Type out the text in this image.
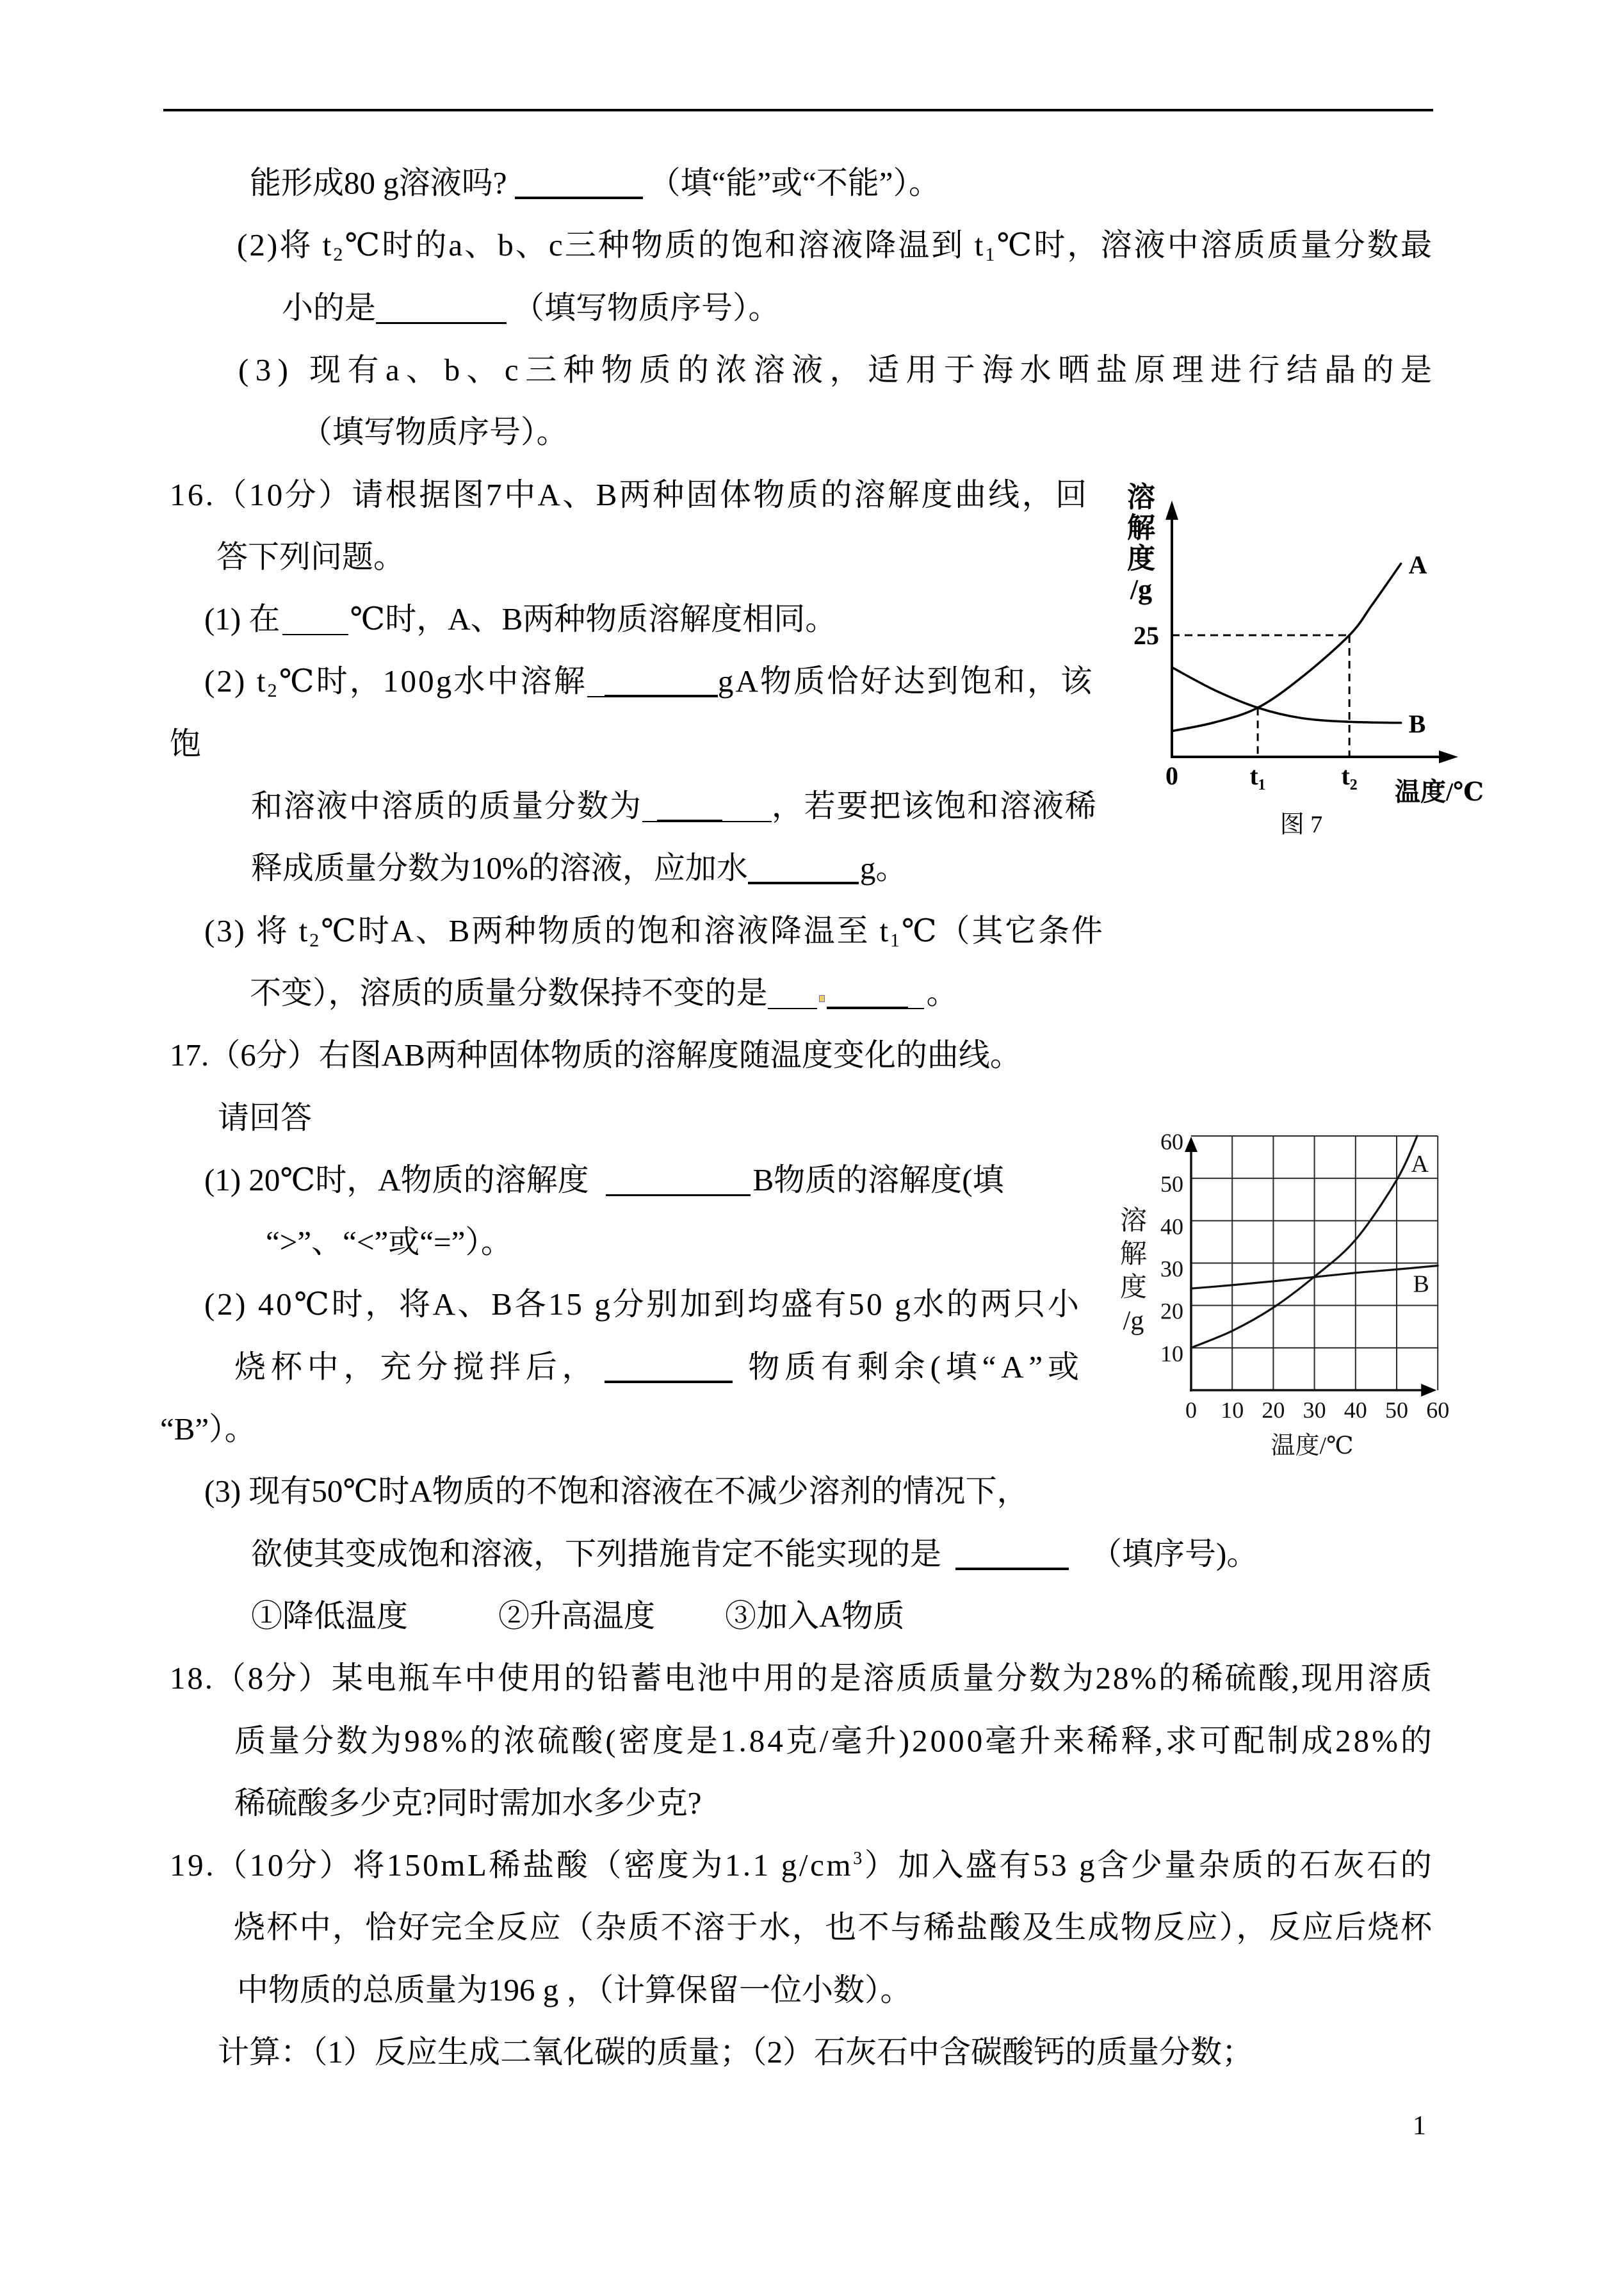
能形成80 g溶液吗?	（填“能”或“不能”）。
(2)将 $t_2℃$时的a、b、c三种物质的饱和溶液降温到 $t_1℃$时，溶液中溶质质量分数最
小的是	（填写物质序号）。
(3) 现有a、b、c三种物质的浓溶液，适用于海水晒盐原理进行结晶的是
（填写物质序号）。
16.（10分）请根据图7中A、B两种固体物质的溶解度曲线，回
答下列问题。
(1) 在 ℃时，A、B两种物质溶解度相同。
(2) $t_2℃$时，100g水中溶解	gA物质恰好达到饱和，该
饱
和溶液中溶质的质量分数为	，若要把该饱和溶液稀
释成质量分数为10%的溶液，应加水	g。
(3) 将 $t_2℃$时A、B两种物质的饱和溶液降温至 $t_1℃$（其它条件
不变），溶质的质量分数保持不变的是	。
溶解度/g
A
B
0	t₁	t₂
25
温度/℃
图 7
17.（6分）右图AB两种固体物质的溶解度随温度变化的曲线。
请回答
(1) 20℃时，A物质的溶解度	B物质的溶解度(填
“>”、“<”或“=”）。
(2) 40℃时，将A、B各15 g分别加到均盛有50 g水的两只小
烧杯中，充分搅拌后，	物质有剩余(填“A”或
“B”）。
(3) 现有50℃时A物质的不饱和溶液在不减少溶剂的情况下，
欲使其变成饱和溶液，下列措施肯定不能实现的是	（填序号)。
①降低温度	②升高温度 ③加入A物质
溶解度/g
0 10 20 30 40 50 60
10
20
30
40
50
60
A
B
温度/℃
18.（8分）某电瓶车中使用的铅蓄电池中用的是溶质质量分数为28%的稀硫酸,现用溶质
质量分数为98%的浓硫酸(密度是1.84克/毫升)2000毫升来稀释,求可配制成28%的
稀硫酸多少克?同时需加水多少克?
19.（10分）将150mL稀盐酸（密度为1.1 $g/cm^3$）加入盛有53 g含少量杂质的石灰石的
烧杯中，恰好完全反应（杂质不溶于水，也不与稀盐酸及生成物反应），反应后烧杯
中物质的总质量为196 g ，（计算保留一位小数）。
计算：（1）反应生成二氧化碳的质量；（2）石灰石中含碳酸钙的质量分数；
1
